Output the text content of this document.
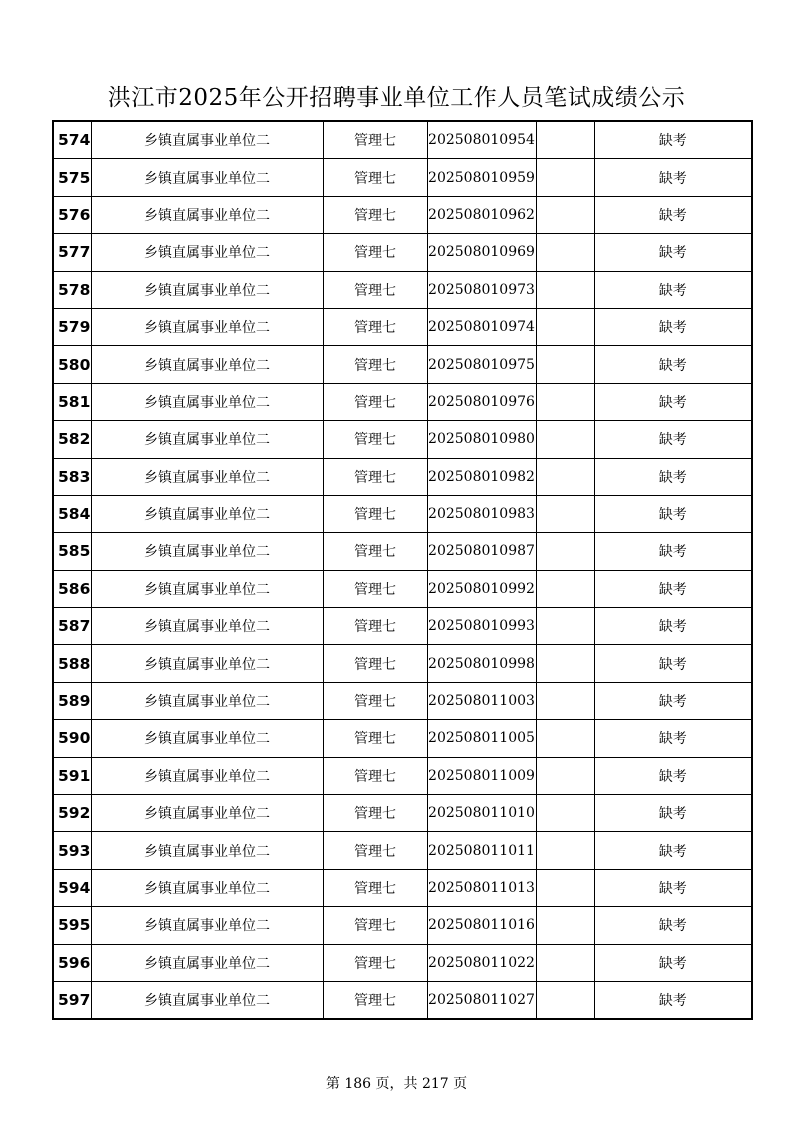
洪江市2025年公开招聘事业单位工作人员笔试成绩公示
574	乡镇直属事业单位二	管理七	202508010954		缺考
575	乡镇直属事业单位二	管理七	202508010959		缺考
576	乡镇直属事业单位二	管理七	202508010962		缺考
577	乡镇直属事业单位二	管理七	202508010969		缺考
578	乡镇直属事业单位二	管理七	202508010973		缺考
579	乡镇直属事业单位二	管理七	202508010974		缺考
580	乡镇直属事业单位二	管理七	202508010975		缺考
581	乡镇直属事业单位二	管理七	202508010976		缺考
582	乡镇直属事业单位二	管理七	202508010980		缺考
583	乡镇直属事业单位二	管理七	202508010982		缺考
584	乡镇直属事业单位二	管理七	202508010983		缺考
585	乡镇直属事业单位二	管理七	202508010987		缺考
586	乡镇直属事业单位二	管理七	202508010992		缺考
587	乡镇直属事业单位二	管理七	202508010993		缺考
588	乡镇直属事业单位二	管理七	202508010998		缺考
589	乡镇直属事业单位二	管理七	202508011003		缺考
590	乡镇直属事业单位二	管理七	202508011005		缺考
591	乡镇直属事业单位二	管理七	202508011009		缺考
592	乡镇直属事业单位二	管理七	202508011010		缺考
593	乡镇直属事业单位二	管理七	202508011011		缺考
594	乡镇直属事业单位二	管理七	202508011013		缺考
595	乡镇直属事业单位二	管理七	202508011016		缺考
596	乡镇直属事业单位二	管理七	202508011022		缺考
597	乡镇直属事业单位二	管理七	202508011027		缺考
第 186 页，共 217 页
